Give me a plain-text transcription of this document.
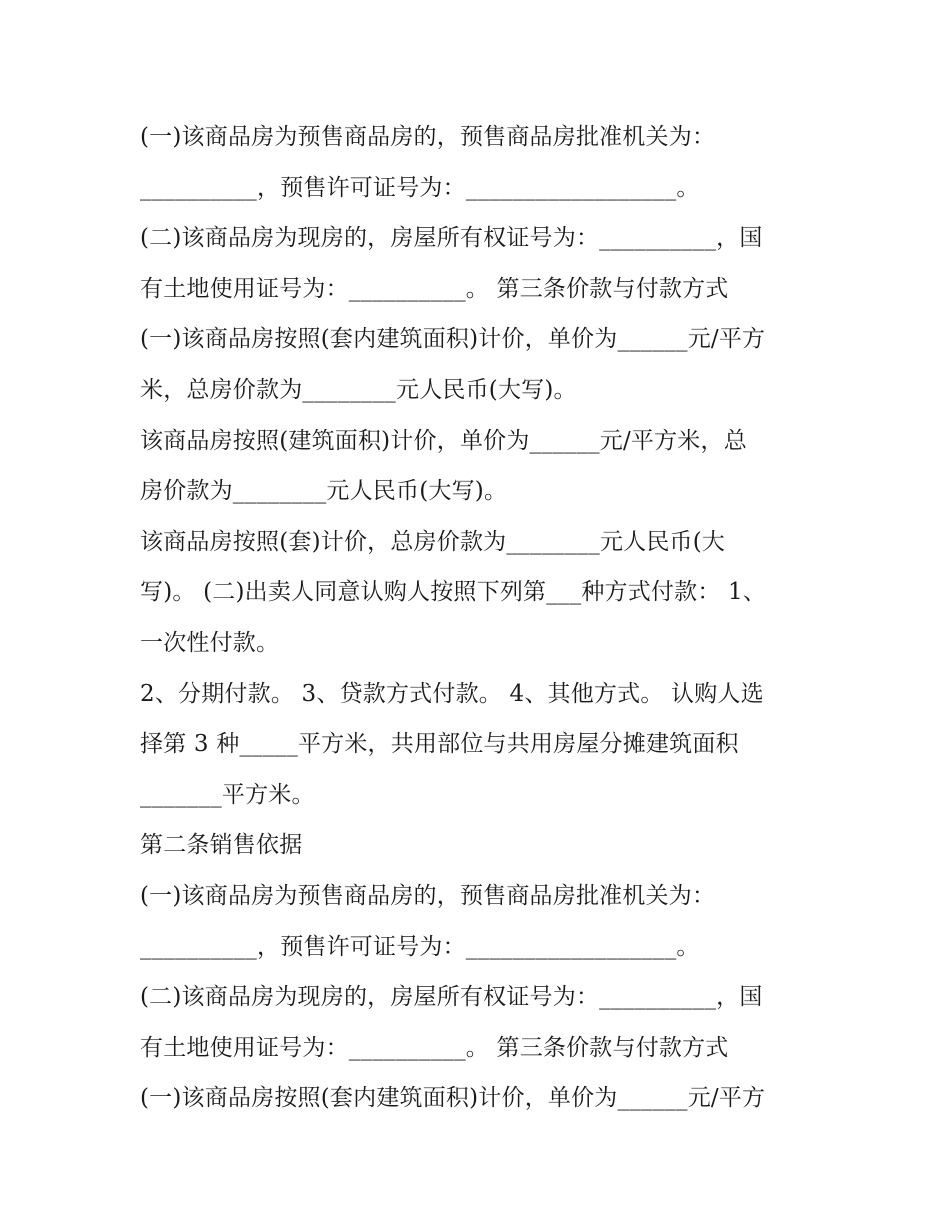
(一)该商品房为预售商品房的，预售商品房批准机关为：
__________，预售许可证号为：__________________。
(二)该商品房为现房的，房屋所有权证号为：__________，国
有土地使用证号为：__________。 第三条价款与付款方式
(一)该商品房按照(套内建筑面积)计价，单价为______元/平方
米，总房价款为________元人民币(大写)。
该商品房按照(建筑面积)计价，单价为______元/平方米，总
房价款为________元人民币(大写)。
该商品房按照(套)计价，总房价款为________元人民币(大
写)。 (二)出卖人同意认购人按照下列第___种方式付款： 1、
一次性付款。
2、分期付款。 3、贷款方式付款。 4、其他方式。 认购人选
择第 3 种_____平方米，共用部位与共用房屋分摊建筑面积
_______平方米。
第二条销售依据
(一)该商品房为预售商品房的，预售商品房批准机关为：
__________，预售许可证号为：__________________。
(二)该商品房为现房的，房屋所有权证号为：__________，国
有土地使用证号为：__________。 第三条价款与付款方式
(一)该商品房按照(套内建筑面积)计价，单价为______元/平方
